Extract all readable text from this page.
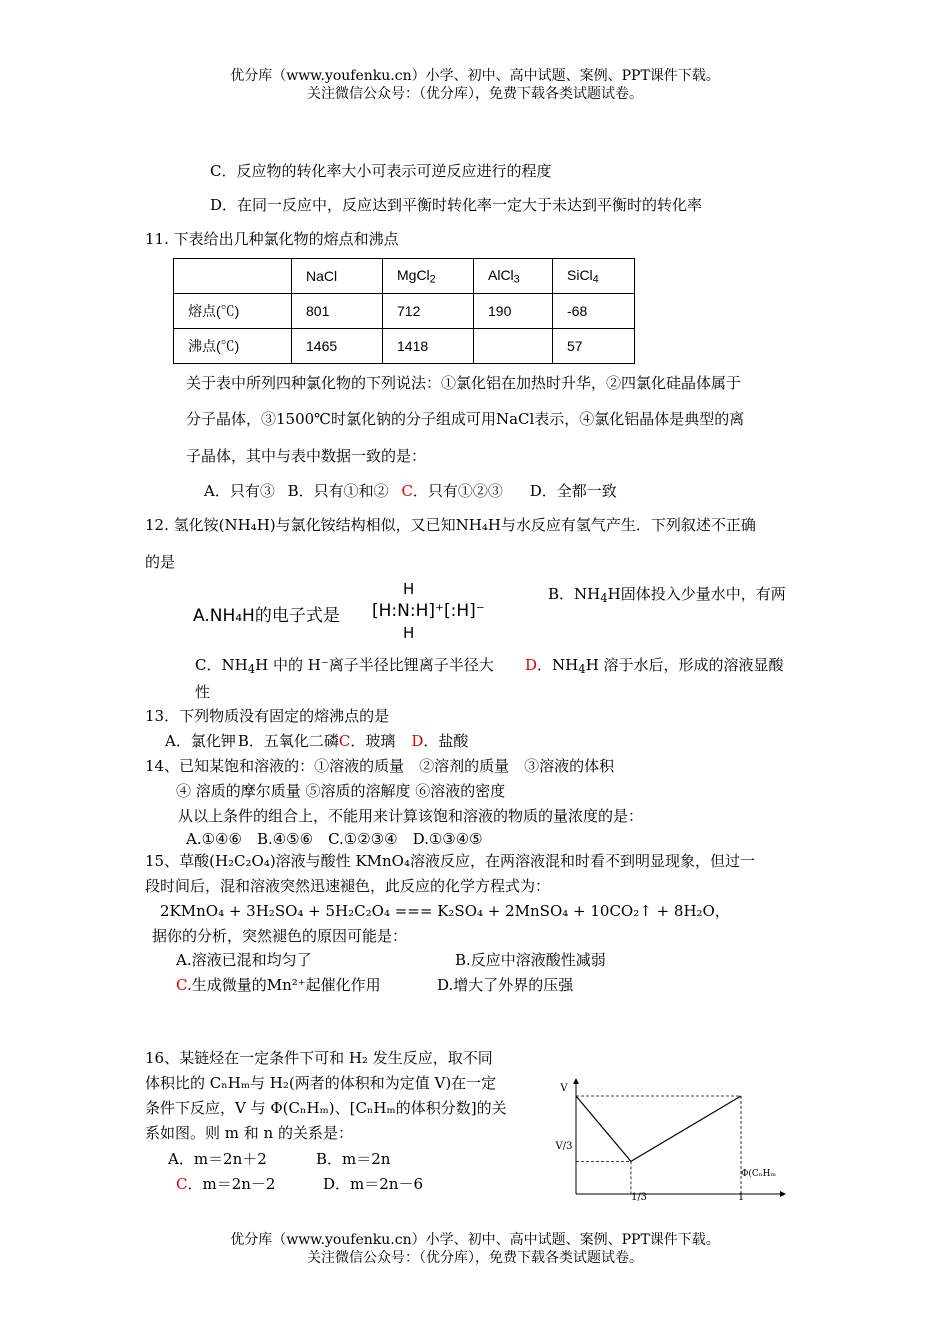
优分库（www.youfenku.cn）小学、初中、高中试题、案例、PPT课件下载。
关注微信公众号：（优分库），免费下载各类试题试卷。
C．反应物的转化率大小可表示可逆反应进行的程度
D．在同一反应中，反应达到平衡时转化率一定大于未达到平衡时的转化率
11. 下表给出几种氯化物的熔点和沸点
	NaCl	MgCl$_2$	AlCl$_3$	SiCl$_4$
熔点(℃)	801	712	190	-68
沸点(℃)	1465	1418		57
关于表中所列四种氯化物的下列说法：①氯化铝在加热时升华，②四氯化硅晶体属于
分子晶体，③1500℃时氯化钠的分子组成可用NaCl表示，④氯化铝晶体是典型的离
子晶体，其中与表中数据一致的是：
A．只有③ B．只有①和② C．只有①②③ D．全都一致
12. 氢化铵(NH₄H)与氯化铵结构相似，又已知NH₄H与水反应有氢气产生．下列叙述不正确
的是
A.NH₄H的电子式是 [H:N:H]⁺[:H]⁻
H
H
B．$NH_4H$固体投入少量水中，有两
C．$NH_4H$ 中的 H⁻离子半径比锂离子半径大 D．$NH_4H$ 溶于水后，形成的溶液显酸
性
13．下列物质没有固定的熔沸点的是
A．氯化钾 B．五氧化二磷C．玻璃 D．盐酸
14、已知某饱和溶液的：①溶液的质量　②溶剂的质量　③溶液的体积
④ 溶质的摩尔质量 ⑤溶质的溶解度 ⑥溶液的密度
从以上条件的组合上，不能用来计算该饱和溶液的物质的量浓度的是：
A.①④⑥　B.④⑤⑥　C.①②③④　D.①③④⑤
15、草酸(H₂C₂O₄)溶液与酸性 KMnO₄溶液反应，在两溶液混和时看不到明显现象，但过一
段时间后，混和溶液突然迅速褪色，此反应的化学方程式为：
2KMnO₄ + 3H₂SO₄ + 5H₂C₂O₄ === K₂SO₄ + 2MnSO₄ + 10CO₂↑ + 8H₂O，
据你的分析，突然褪色的原因可能是：
A.溶液已混和均匀了	B.反应中溶液酸性减弱
C.生成微量的Mn²⁺起催化作用	D.增大了外界的压强
16、某链烃在一定条件下可和 H₂ 发生反应，取不同
体积比的 CₙHₘ与 H₂(两者的体积和为定值 V)在一定
条件下反应，V 与 Φ(CₙHₘ)、[CₙHₘ的体积分数]的关
系如图。则 m 和 n 的关系是：
A．m＝2n＋2	B．m＝2n
C．m＝2n－2	D．m＝2n－6
V
V/3
1/3	1
Φ(CₙHₘ
优分库（www.youfenku.cn）小学、初中、高中试题、案例、PPT课件下载。
关注微信公众号：（优分库），免费下载各类试题试卷。
